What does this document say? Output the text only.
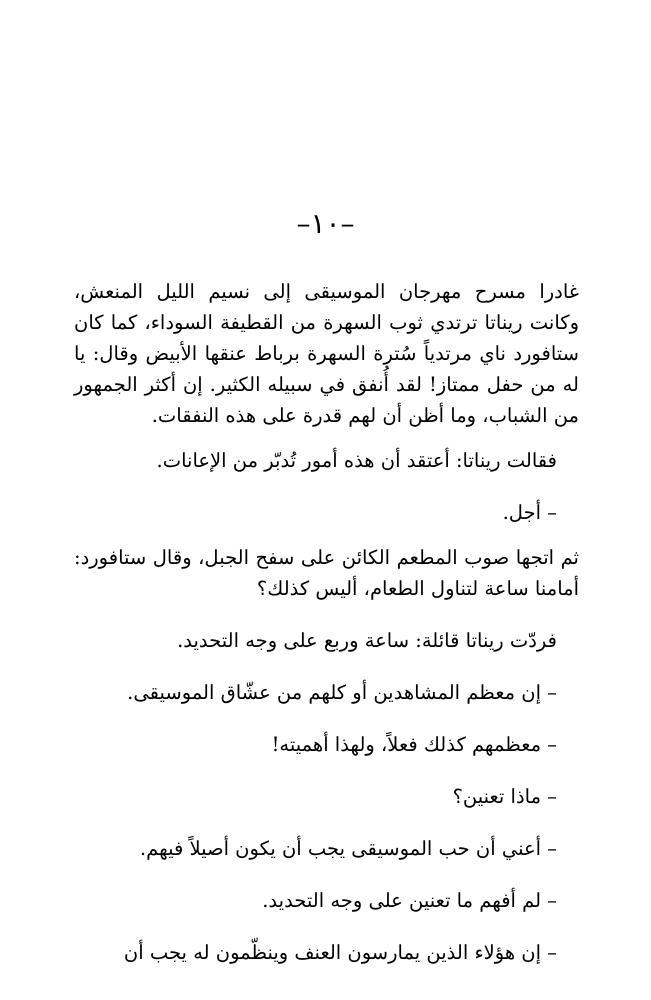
–١٠–

غادرا مسرح مهرجان الموسيقى إلى نسيم الليل المنعش، وكانت ريناتا ترتدي ثوب السهرة من القطيفة السوداء، كما كان ستافورد ناي مرتدياً سُترة السهرة برباط عنقها الأبيض وقال: يا له من حفل ممتاز! لقد أُنفق في سبيله الكثير. إن أكثر الجمهور من الشباب، وما أظن أن لهم قدرة على هذه النفقات.

فقالت ريناتا: أعتقد أن هذه أمور تُدبّر من الإعانات.

– أجل.

ثم اتجها صوب المطعم الكائن على سفح الجبل، وقال ستافورد: أمامنا ساعة لتناول الطعام، أليس كذلك؟

فردّت ريناتا قائلة: ساعة وربع على وجه التحديد.

– إن معظم المشاهدين أو كلهم من عشّاق الموسيقى.

– معظمهم كذلك فعلاً، ولهذا أهميته!

– ماذا تعنين؟

– أعني أن حب الموسيقى يجب أن يكون أصيلاً فيهم.

– لم أفهم ما تعنين على وجه التحديد.

– إن هؤلاء الذين يمارسون العنف وينظّمون له يجب أن
